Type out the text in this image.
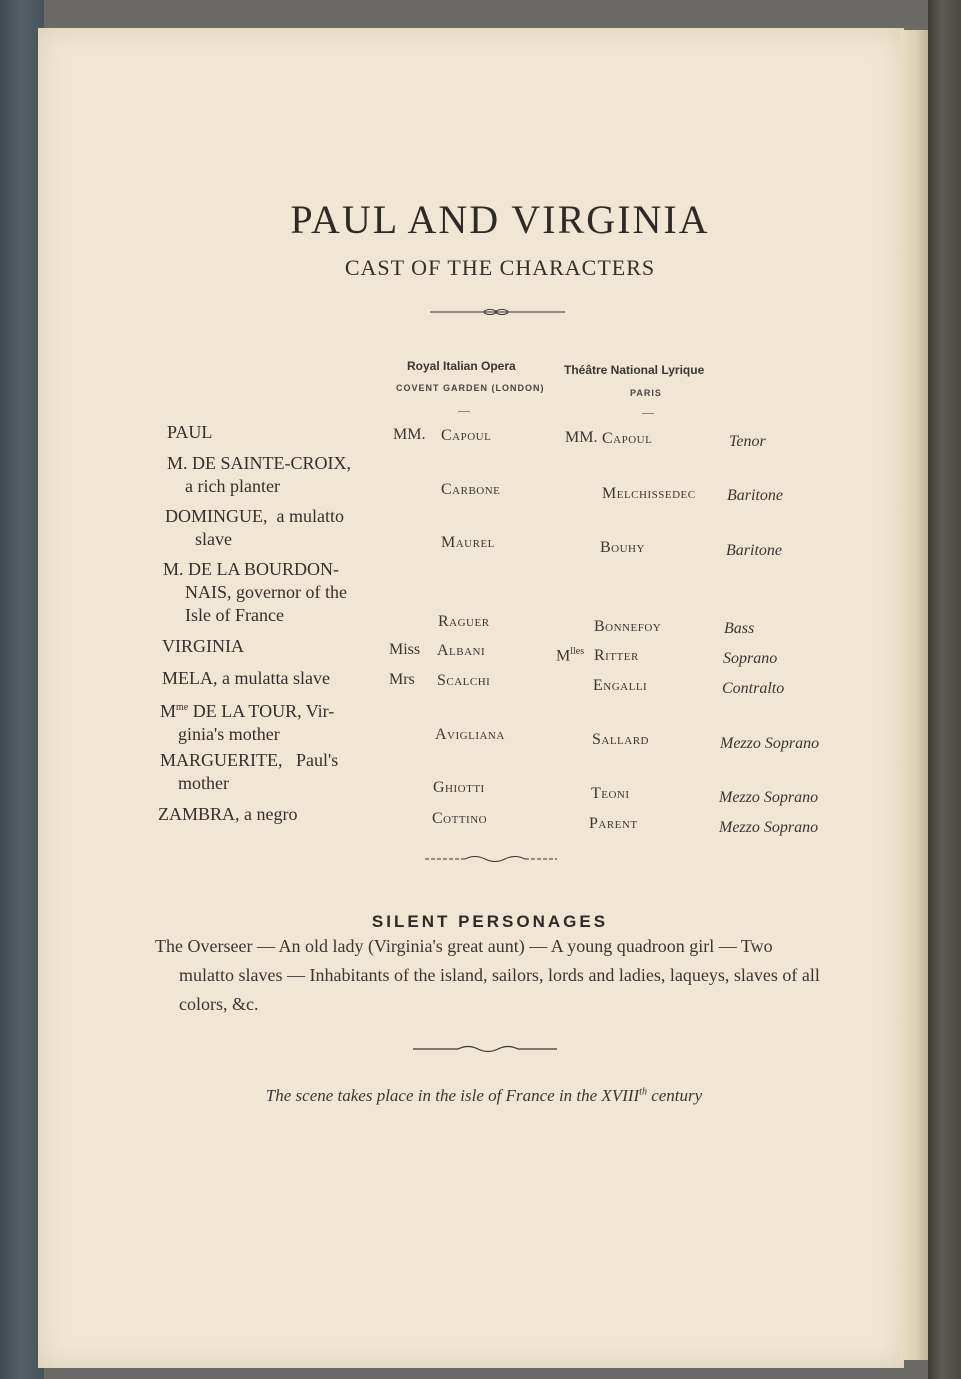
PAUL AND VIRGINIA
CAST OF THE CHARACTERS
Royal Italian Opera
COVENT GARDEN (LONDON)
—
Théâtre National Lyrique
PARIS
—
PAUL
M. DE SAINTE-CROIX,
a rich planter
DOMINGUE,  a mulatto
slave
M. DE LA BOURDON-
NAIS, governor of the
Isle of France
VIRGINIA
MELA, a mulatta slave
$M^{me}$ DE LA TOUR, Vir-
ginia's mother
MARGUERITE,   Paul's
mother
ZAMBRA, a negro
MM.
Miss
Mrs
Capoul
Carbone
Maurel
Raguer
Albani
Scalchi
Avigliana
Ghiotti
Cottino
MM.
$M^{lles}$
Capoul
Melchissedec
Bouhy
Bonnefoy
Ritter
Engalli
Sallard
Teoni
Parent
Tenor
Baritone
Baritone
Bass
Soprano
Contralto
Mezzo Soprano
Mezzo Soprano
Mezzo Soprano
SILENT PERSONAGES

The Overseer — An old lady (Virginia's great aunt) — A young quadroon girl — Two mulatto slaves — Inhabitants of the island, sailors, lords and ladies, laqueys, slaves of all colors, &c.

The scene takes place in the isle of France in the XVIIIth century
